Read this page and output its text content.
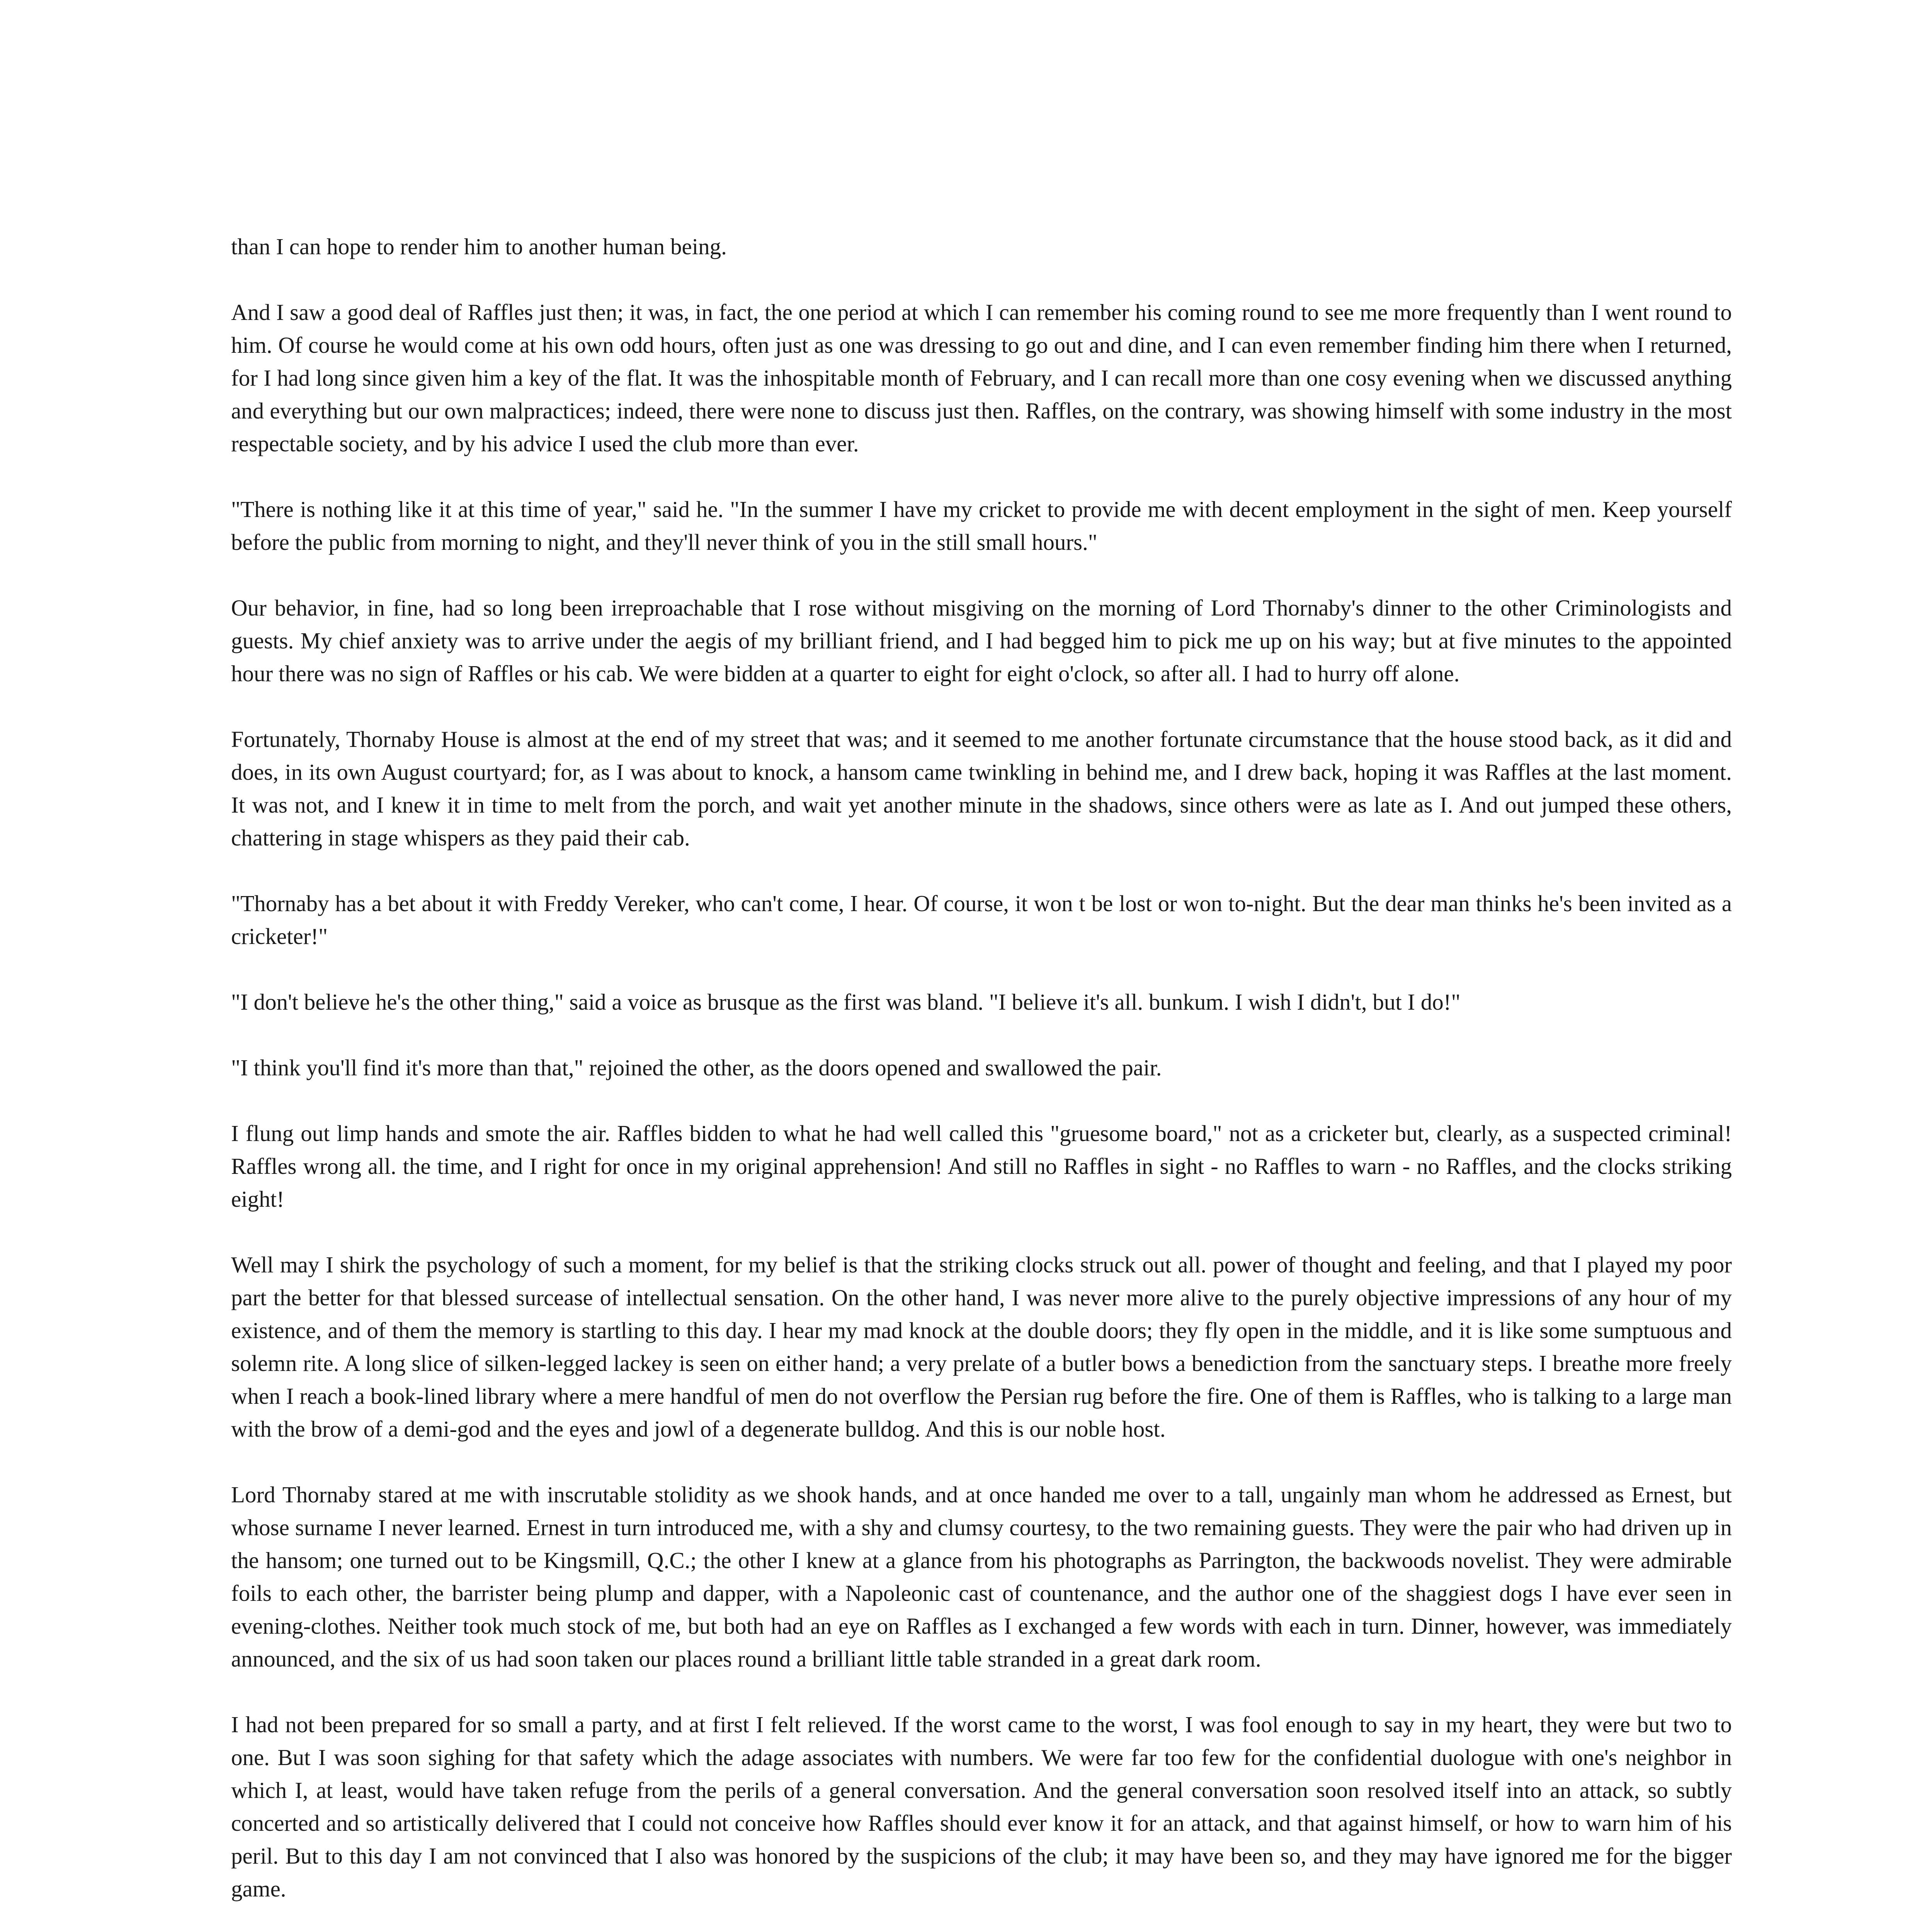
than I can hope to render him to another human being.

And I saw a good deal of Raffles just then; it was, in fact, the one period at which I can remember his coming round to see me more frequently than I went round to him. Of course he would come at his own odd hours, often just as one was dressing to go out and dine, and I can even remember finding him there when I returned, for I had long since given him a key of the flat. It was the inhospitable month of February, and I can recall more than one cosy evening when we discussed anything and everything but our own malpractices; indeed, there were none to discuss just then. Raffles, on the contrary, was showing himself with some industry in the most respectable society, and by his advice I used the club more than ever.

"There is nothing like it at this time of year," said he. "In the summer I have my cricket to provide me with decent employment in the sight of men. Keep yourself before the public from morning to night, and they'll never think of you in the still small hours."

Our behavior, in fine, had so long been irreproachable that I rose without misgiving on the morning of Lord Thornaby's dinner to the other Criminologists and guests. My chief anxiety was to arrive under the aegis of my brilliant friend, and I had begged him to pick me up on his way; but at five minutes to the appointed hour there was no sign of Raffles or his cab. We were bidden at a quarter to eight for eight o'clock, so after all. I had to hurry off alone.

Fortunately, Thornaby House is almost at the end of my street that was; and it seemed to me another fortunate circumstance that the house stood back, as it did and does, in its own August courtyard; for, as I was about to knock, a hansom came twinkling in behind me, and I drew back, hoping it was Raffles at the last moment. It was not, and I knew it in time to melt from the porch, and wait yet another minute in the shadows, since others were as late as I. And out jumped these others, chattering in stage whispers as they paid their cab.

"Thornaby has a bet about it with Freddy Vereker, who can't come, I hear. Of course, it won t be lost or won to-night. But the dear man thinks he's been invited as a cricketer!"

"I don't believe he's the other thing," said a voice as brusque as the first was bland. "I believe it's all. bunkum. I wish I didn't, but I do!"

"I think you'll find it's more than that," rejoined the other, as the doors opened and swallowed the pair.

I flung out limp hands and smote the air. Raffles bidden to what he had well called this "gruesome board," not as a cricketer but, clearly, as a suspected criminal! Raffles wrong all. the time, and I right for once in my original apprehension! And still no Raffles in sight - no Raffles to warn - no Raffles, and the clocks striking eight!

Well may I shirk the psychology of such a moment, for my belief is that the striking clocks struck out all. power of thought and feeling, and that I played my poor part the better for that blessed surcease of intellectual sensation. On the other hand, I was never more alive to the purely objective impressions of any hour of my existence, and of them the memory is startling to this day. I hear my mad knock at the double doors; they fly open in the middle, and it is like some sumptuous and solemn rite. A long slice of silken-legged lackey is seen on either hand; a very prelate of a butler bows a benediction from the sanctuary steps. I breathe more freely when I reach a book-lined library where a mere handful of men do not overflow the Persian rug before the fire. One of them is Raffles, who is talking to a large man with the brow of a demi-god and the eyes and jowl of a degenerate bulldog. And this is our noble host.

Lord Thornaby stared at me with inscrutable stolidity as we shook hands, and at once handed me over to a tall, ungainly man whom he addressed as Ernest, but whose surname I never learned. Ernest in turn introduced me, with a shy and clumsy courtesy, to the two remaining guests. They were the pair who had driven up in the hansom; one turned out to be Kingsmill, Q.C.; the other I knew at a glance from his photographs as Parrington, the backwoods novelist. They were admirable foils to each other, the barrister being plump and dapper, with a Napoleonic cast of countenance, and the author one of the shaggiest dogs I have ever seen in evening-clothes. Neither took much stock of me, but both had an eye on Raffles as I exchanged a few words with each in turn. Dinner, however, was immediately announced, and the six of us had soon taken our places round a brilliant little table stranded in a great dark room.

I had not been prepared for so small a party, and at first I felt relieved. If the worst came to the worst, I was fool enough to say in my heart, they were but two to one. But I was soon sighing for that safety which the adage associates with numbers. We were far too few for the confidential duologue with one's neighbor in which I, at least, would have taken refuge from the perils of a general conversation. And the general conversation soon resolved itself into an attack, so subtly concerted and so artistically delivered that I could not conceive how Raffles should ever know it for an attack, and that against himself, or how to warn him of his peril. But to this day I am not convinced that I also was honored by the suspicions of the club; it may have been so, and they may have ignored me for the bigger game.
